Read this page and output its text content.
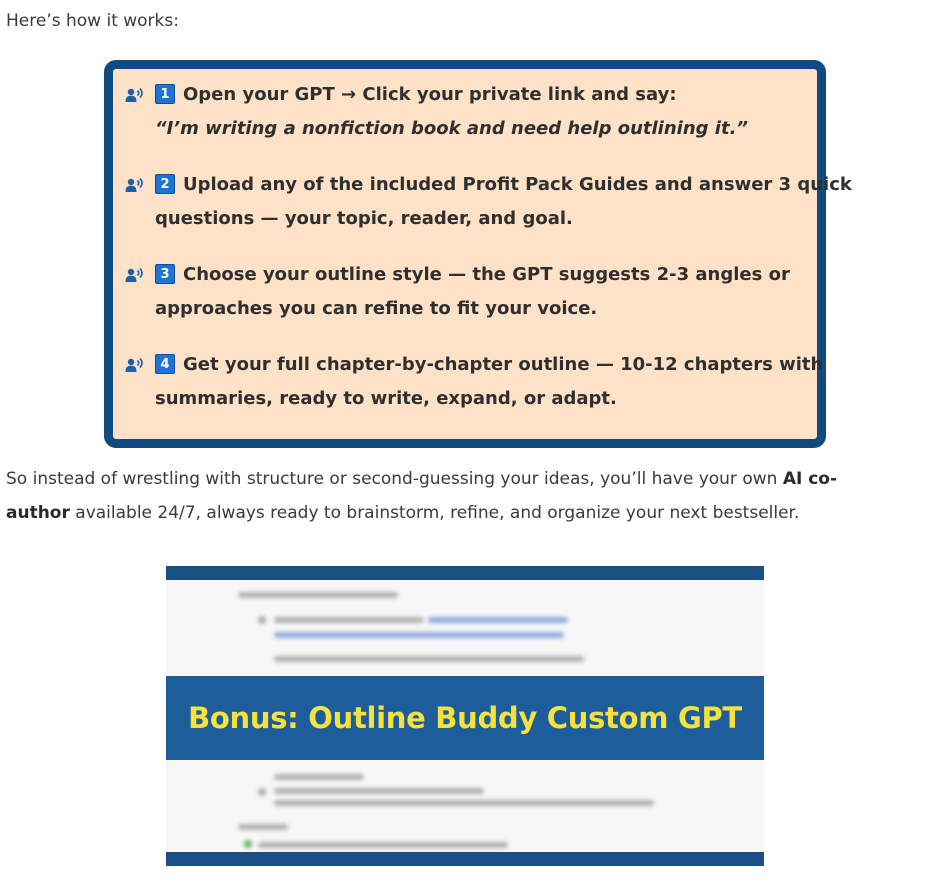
Here’s how it works:

1 Open your GPT → Click your private link and say:
“I’m writing a nonfiction book and need help outlining it.”
2 Upload any of the included Profit Pack Guides and answer 3 quick
questions — your topic, reader, and goal.
3 Choose your outline style — the GPT suggests 2-3 angles or
approaches you can refine to fit your voice.
4 Get your full chapter-by-chapter outline — 10-12 chapters with
summaries, ready to write, expand, or adapt.

So instead of wrestling with structure or second-guessing your ideas, you’ll have your own AI co-
author available 24/7, always ready to brainstorm, refine, and organize your next bestseller.

Bonus: Outline Buddy Custom GPT
